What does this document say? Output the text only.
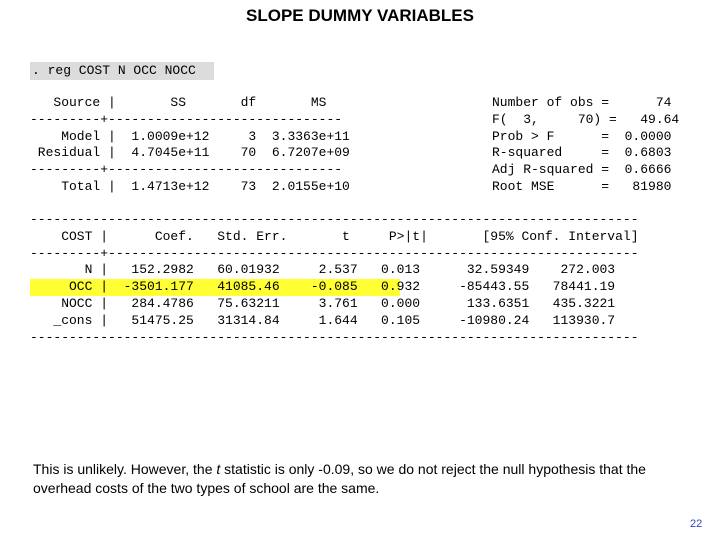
SLOPE DUMMY VARIABLES
. reg COST N OCC NOCC
Source |       SS       df       MS
---------+------------------------------
Model |  1.0009e+12     3  3.3363e+11
Residual |  4.7045e+11    70  6.7207e+09
---------+------------------------------
Total |  1.4713e+12    73  2.0155e+10
Number of obs =      74
F(  3,     70) =   49.64
Prob > F      =  0.0000
R-squared     =  0.6803
Adj R-squared =  0.6666
Root MSE      =   81980
------------------------------------------------------------------------------
COST |      Coef.   Std. Err.       t     P>|t|       [95% Conf. Interval]
---------+--------------------------------------------------------------------
N |   152.2982   60.01932     2.537   0.013      32.59349    272.003
OCC |  -3501.177   41085.46    -0.085   0.932     -85443.55   78441.19
NOCC |   284.4786   75.63211     3.761   0.000      133.6351   435.3221
_cons |   51475.25   31314.84     1.644   0.105     -10980.24   113930.7
------------------------------------------------------------------------------
This is unlikely. However, the t statistic is only -0.09, so we do not reject the null hypothesis that the overhead costs of the two types of school are the same.
22
